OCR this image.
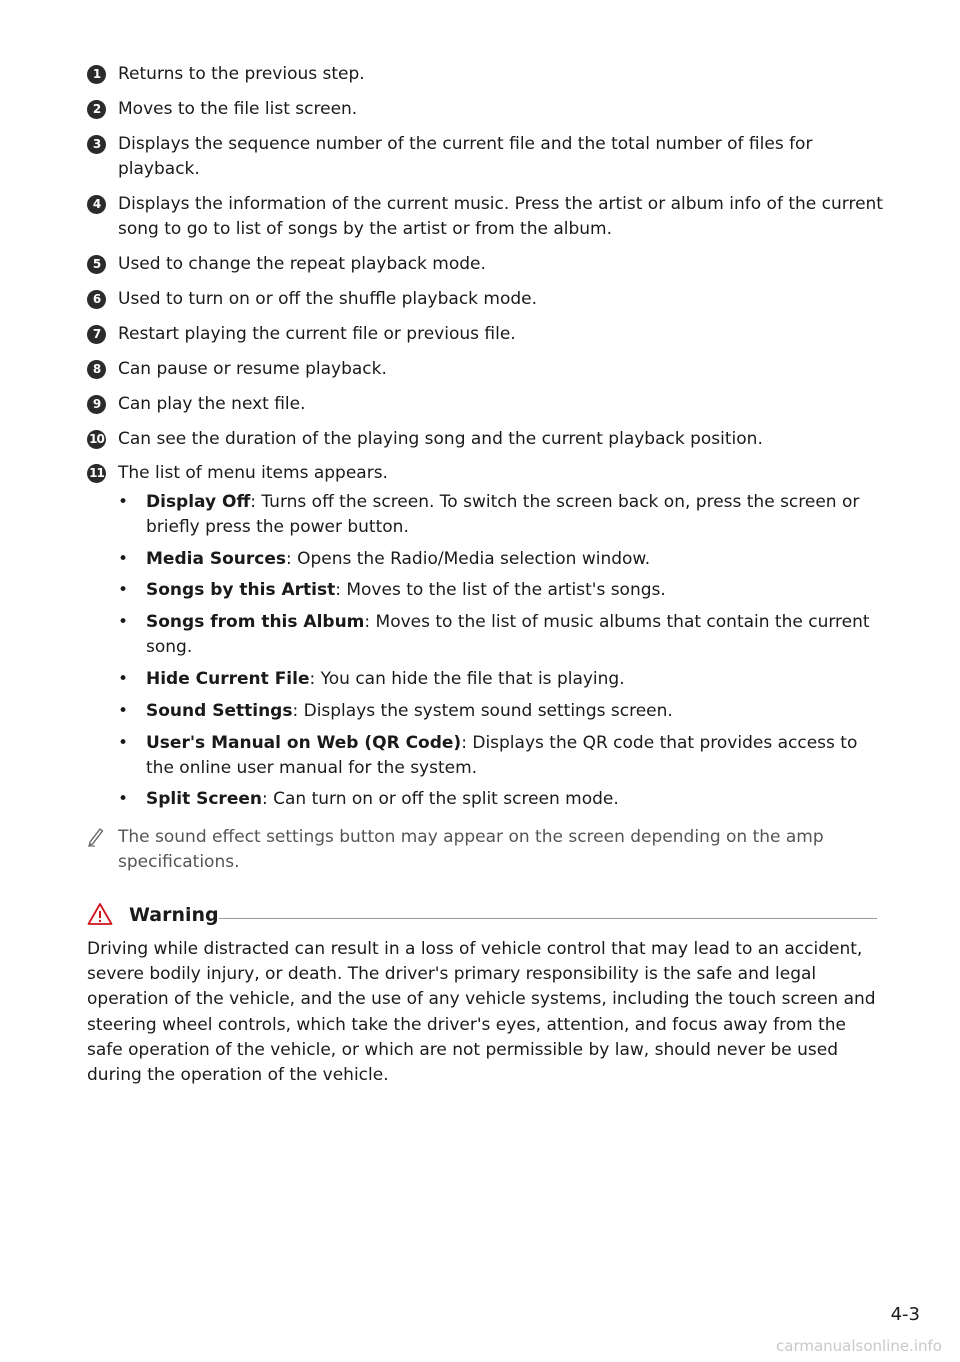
1	Returns to the previous step.
2	Moves to the file list screen.
3	Displays the sequence number of the current file and the total number of files for playback.
4	Displays the information of the current music. Press the artist or album info of the current song to go to list of songs by the artist or from the album.
5	Used to change the repeat playback mode.
6	Used to turn on or off the shuffle playback mode.
7	Restart playing the current file or previous file.
8	Can pause or resume playback.
9	Can play the next file.
10 Can see the duration of the playing song and the current playback position.
11 The list of menu items appears.
• Display Off: Turns off the screen. To switch the screen back on, press the screen or briefly press the power button.
• Media Sources: Opens the Radio/Media selection window.
• Songs by this Artist: Moves to the list of the artist's songs.
• Songs from this Album: Moves to the list of music albums that contain the current song.
• Hide Current File: You can hide the file that is playing.
• Sound Settings: Displays the system sound settings screen.
• User's Manual on Web (QR Code): Displays the QR code that provides access to the online user manual for the system.
• Split Screen: Can turn on or off the split screen mode.
The sound effect settings button may appear on the screen depending on the amp specifications.
Warning
Driving while distracted can result in a loss of vehicle control that may lead to an accident, severe bodily injury, or death. The driver's primary responsibility is the safe and legal operation of the vehicle, and the use of any vehicle systems, including the touch screen and steering wheel controls, which take the driver's eyes, attention, and focus away from the safe operation of the vehicle, or which are not permissible by law, should never be used during the operation of the vehicle.
4-3
carmanualsonline.info
